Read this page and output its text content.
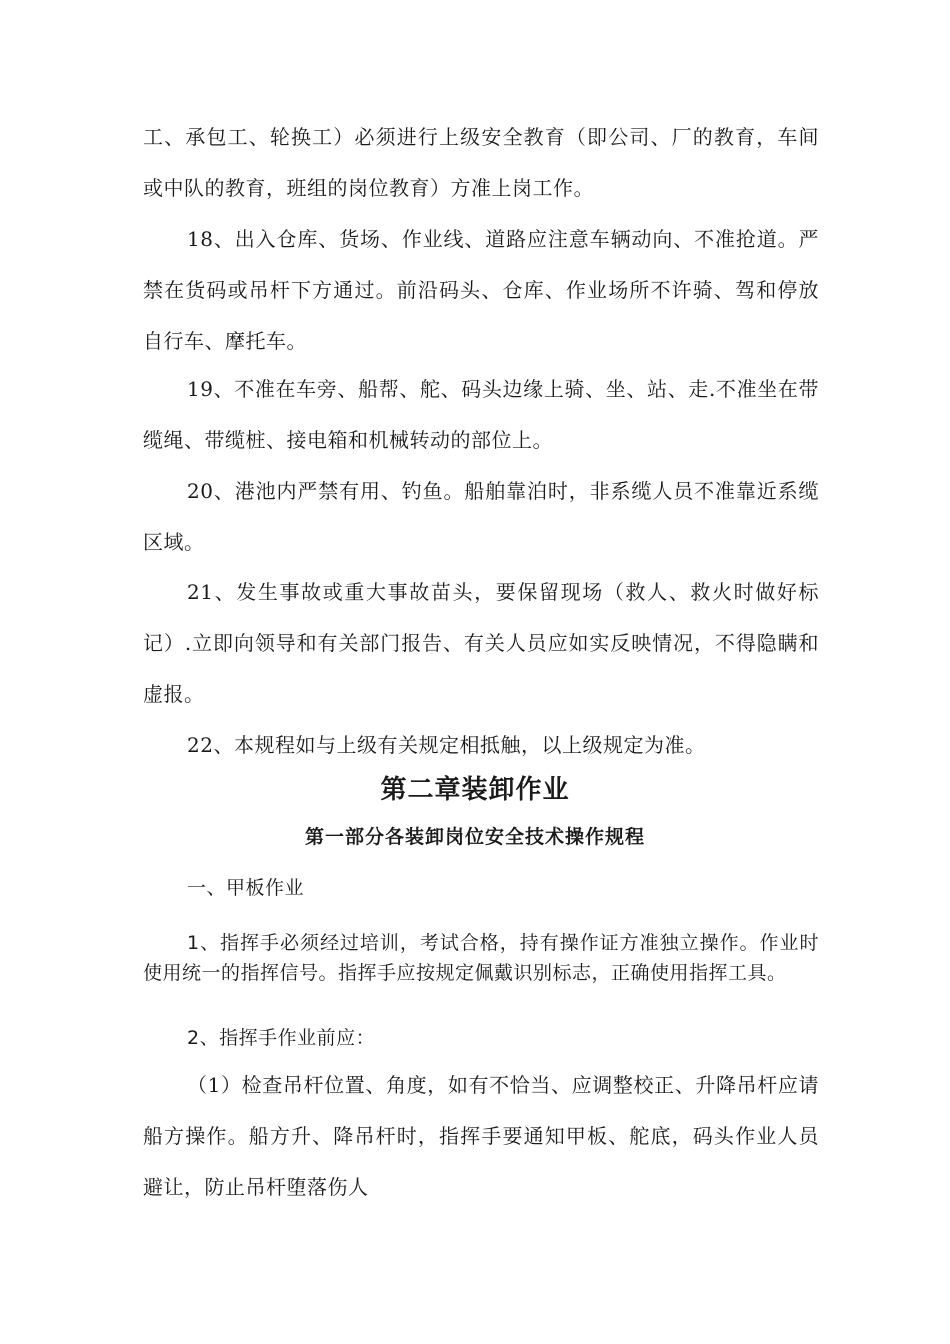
工、承包工、轮换工）必须进行上级安全教育（即公司、厂的教育，车间或中队的教育，班组的岗位教育）方准上岗工作。

18、出入仓库、货场、作业线、道路应注意车辆动向、不准抢道。严禁在货码或吊杆下方通过。前沿码头、仓库、作业场所不许骑、驾和停放自行车、摩托车。

19、不准在车旁、船帮、舵、码头边缘上骑、坐、站、走.不准坐在带缆绳、带缆桩、接电箱和机械转动的部位上。

20、港池内严禁有用、钓鱼。船舶靠泊时，非系缆人员不准靠近系缆区域。

21、发生事故或重大事故苗头，要保留现场（救人、救火时做好标记）.立即向领导和有关部门报告、有关人员应如实反映情况，不得隐瞒和虚报。

22、本规程如与上级有关规定相抵触，以上级规定为准。

第二章装卸作业
第一部分各装卸岗位安全技术操作规程

一、甲板作业

1、指挥手必须经过培训，考试合格，持有操作证方准独立操作。作业时使用统一的指挥信号。指挥手应按规定佩戴识别标志，正确使用指挥工具。

2、指挥手作业前应：

（1）检查吊杆位置、角度，如有不恰当、应调整校正、升降吊杆应请船方操作。船方升、降吊杆时，指挥手要通知甲板、舵底，码头作业人员避让，防止吊杆堕落伤人
